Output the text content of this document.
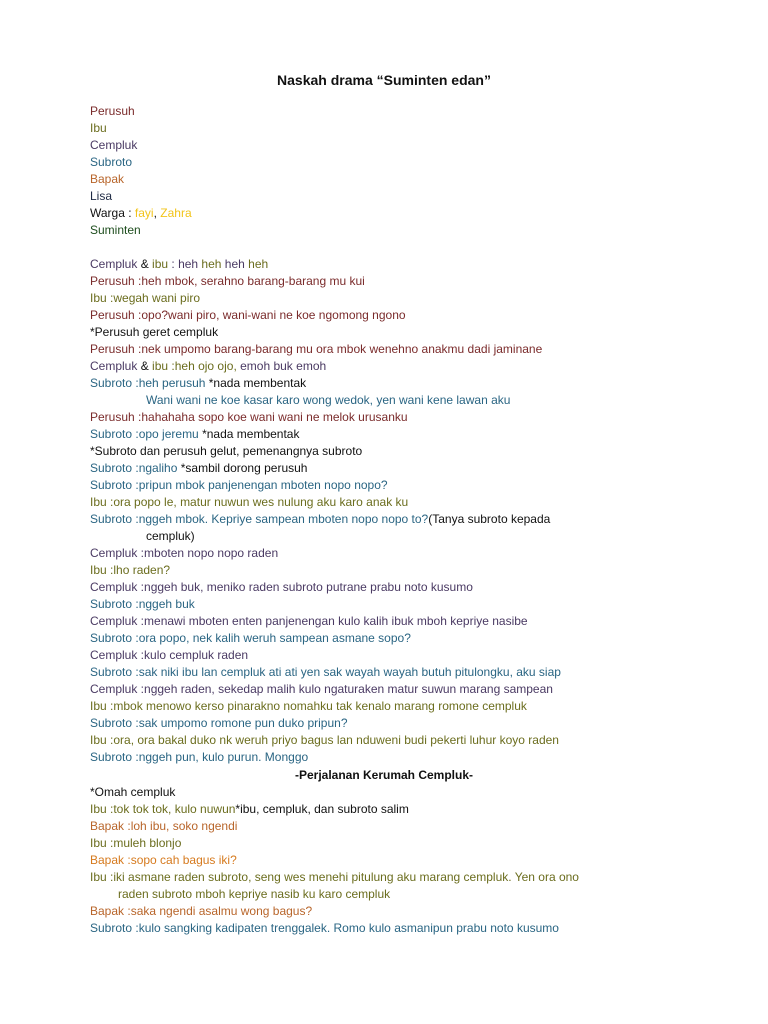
Naskah drama “Suminten edan”
Perusuh
Ibu
Cempluk
Subroto
Bapak
Lisa
Warga : fayi, Zahra
Suminten
Cempluk & ibu : heh heh heh heh
Perusuh :heh mbok, serahno barang-barang mu kui
Ibu :wegah wani piro
Perusuh :opo?wani piro, wani-wani ne koe ngomong ngono
*Perusuh geret cempluk
Perusuh :nek umpomo barang-barang mu ora mbok wenehno anakmu dadi jaminane
Cempluk & ibu :heh ojo ojo, emoh buk emoh
Subroto :heh perusuh *nada membentak
Wani wani ne koe kasar karo wong wedok, yen wani kene lawan aku
Perusuh :hahahaha sopo koe wani wani ne melok urusanku
Subroto :opo jeremu *nada membentak
*Subroto dan perusuh gelut, pemenangnya subroto
Subroto :ngaliho *sambil dorong perusuh
Subroto :pripun mbok panjenengan mboten nopo nopo?
Ibu :ora popo le, matur nuwun wes nulung aku karo anak ku
Subroto :nggeh mbok. Kepriye sampean mboten nopo nopo to?(Tanya subroto kepada
cempluk)
Cempluk :mboten nopo nopo raden
Ibu :lho raden?
Cempluk :nggeh buk, meniko raden subroto putrane prabu noto kusumo
Subroto :nggeh buk
Cempluk :menawi mboten enten panjenengan kulo kalih ibuk mboh kepriye nasibe
Subroto :ora popo, nek kalih weruh sampean asmane sopo?
Cempluk :kulo cempluk raden
Subroto :sak niki ibu lan cempluk ati ati yen sak wayah wayah butuh pitulongku, aku siap
Cempluk :nggeh raden, sekedap malih kulo ngaturaken matur suwun marang sampean
Ibu :mbok menowo kerso pinarakno nomahku tak kenalo marang romone cempluk
Subroto :sak umpomo romone pun duko pripun?
Ibu :ora, ora bakal duko nk weruh priyo bagus lan nduweni budi pekerti luhur koyo raden
Subroto :nggeh pun, kulo purun. Monggo
-Perjalanan Kerumah Cempluk-
*Omah cempluk
Ibu :tok tok tok, kulo nuwun*ibu, cempluk, dan subroto salim
Bapak :loh ibu, soko ngendi
Ibu :muleh blonjo
Bapak :sopo cah bagus iki?
Ibu :iki asmane raden subroto, seng wes menehi pitulung aku marang cempluk. Yen ora ono
raden subroto mboh kepriye nasib ku karo cempluk
Bapak :saka ngendi asalmu wong bagus?
Subroto :kulo sangking kadipaten trenggalek. Romo kulo asmanipun prabu noto kusumo
